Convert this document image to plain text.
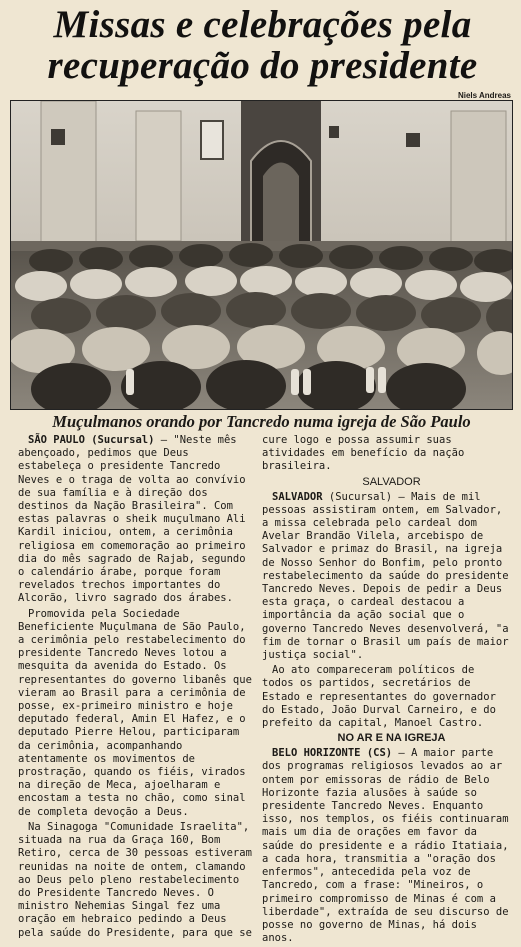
Missas e celebrações pela
recuperação do presidente
Niels Andreas
Muçulmanos orando por Tancredo numa igreja de São Paulo

SÃO PAULO (Sucursal) — "Neste mês abençoado, pedimos que Deus estabeleça o presidente Tancredo Neves e o traga de volta ao convívio de sua família e à direção dos destinos da Nação Brasileira". Com estas palavras o sheik muçulmano Ali Kardil iniciou, ontem, a cerimônia religiosa em comemoração ao primeiro dia do mês sagrado de Rajab, segundo o calendário árabe, porque foram revelados trechos importantes do Alcorão, livro sagrado dos árabes.

Promovida pela Sociedade Beneficiente Muçulmana de São Paulo, a cerimônia pelo restabelecimento do presidente Tancredo Neves lotou a mesquita da avenida do Estado. Os representantes do governo libanês que vieram ao Brasil para a cerimônia de posse, ex-primeiro ministro e hoje deputado federal, Amin El Hafez, e o deputado Pierre Helou, participaram da cerimônia, acompanhando atentamente os movimentos de prostração, quando os fiéis, virados na direção de Meca, ajoelharam e encostam a testa no chão, como sinal de completa devoção a Deus.

Na Sinagoga "Comunidade Israelita", situada na rua da Graça 160, Bom Retiro, cerca de 30 pessoas estiveram reunidas na noite de ontem, clamando ao Deus pelo pleno restabelecimento do Presidente Tancredo Neves. O ministro Nehemias Singal fez uma oração em hebraico pedindo a Deus pela saúde do Presidente, para que se

cure logo e possa assumir suas atividades em benefício da nação brasileira.

SALVADOR

SALVADOR (Sucursal) — Mais de mil pessoas assistiram ontem, em Salvador, a missa celebrada pelo cardeal dom Avelar Brandão Vilela, arcebispo de Salvador e primaz do Brasil, na igreja de Nosso Senhor do Bonfim, pelo pronto restabelecimento da saúde do presidente Tancredo Neves. Depois de pedir a Deus esta graça, o cardeal destacou a importância da ação social que o governo Tancredo Neves desenvolverá, "a fim de tornar o Brasil um país de maior justiça social".

Ao ato compareceram políticos de todos os partidos, secretários de Estado e representantes do governador do Estado, João Durval Carneiro, e do prefeito da capital, Manoel Castro.

NO AR E NA IGREJA

BELO HORIZONTE (CS) — A maior parte dos programas religiosos levados ao ar ontem por emissoras de rádio de Belo Horizonte fazia alusões à saúde so presidente Tancredo Neves. Enquanto isso, nos templos, os fiéis continuaram mais um dia de orações em favor da saúde do presidente e a rádio Itatiaia, a cada hora, transmitia a "oração dos enfermos", antecedida pela voz de Tancredo, com a frase: "Mineiros, o primeiro compromisso de Minas é com a liberdade", extraída de seu discurso de posse no governo de Minas, há dois anos.
